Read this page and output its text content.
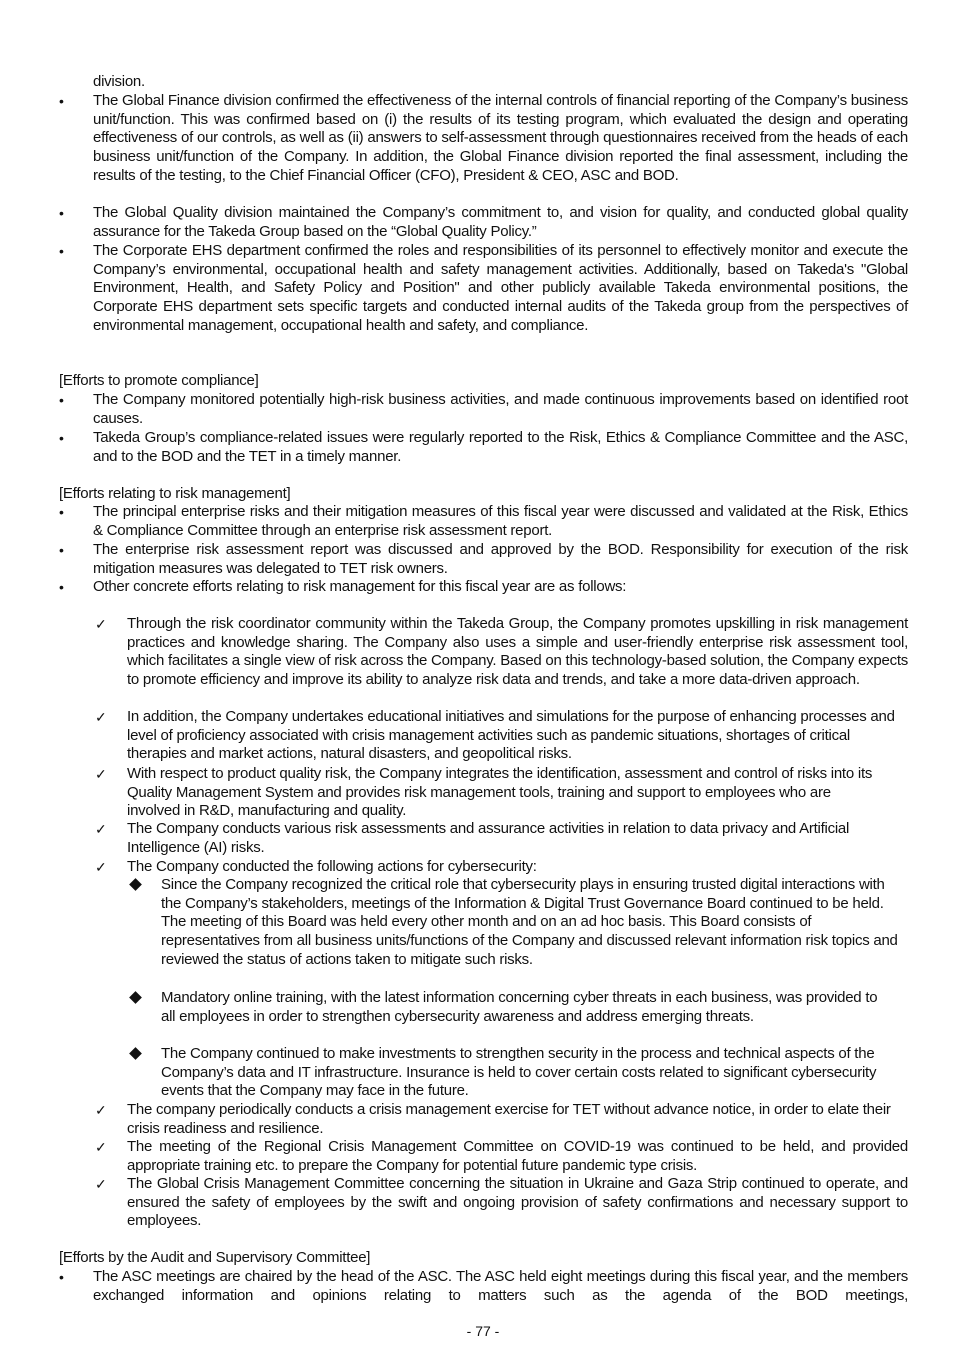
division.
• The Global Finance division confirmed the effectiveness of the internal controls of financial reporting of the Company’s business unit/function. This was confirmed based on (i) the results of its testing program, which evaluated the design and operating effectiveness of our controls, as well as (ii) answers to self-assessment through questionnaires received from the heads of each business unit/function of the Company. In addition, the Global Finance division reported the final assessment, including the results of the testing, to the Chief Financial Officer (CFO), President & CEO, ASC and BOD.
• The Global Quality division maintained the Company’s commitment to, and vision for quality, and conducted global quality assurance for the Takeda Group based on the “Global Quality Policy.”
• The Corporate EHS department confirmed the roles and responsibilities of its personnel to effectively monitor and execute the Company’s environmental, occupational health and safety management activities. Additionally, based on Takeda's "Global Environment, Health, and Safety Policy and Position" and other publicly available Takeda environmental positions, the Corporate EHS department sets specific targets and conducted internal audits of the Takeda group from the perspectives of environmental management, occupational health and safety, and compliance.
[Efforts to promote compliance]
• The Company monitored potentially high-risk business activities, and made continuous improvements based on identified root causes.
• Takeda Group’s compliance-related issues were regularly reported to the Risk, Ethics & Compliance Committee and the ASC, and to the BOD and the TET in a timely manner.
[Efforts relating to risk management]
• The principal enterprise risks and their mitigation measures of this fiscal year were discussed and validated at the Risk, Ethics & Compliance Committee through an enterprise risk assessment report.
• The enterprise risk assessment report was discussed and approved by the BOD. Responsibility for execution of the risk mitigation measures was delegated to TET risk owners.
• Other concrete efforts relating to risk management for this fiscal year are as follows:
✓ Through the risk coordinator community within the Takeda Group, the Company promotes upskilling in risk management practices and knowledge sharing. The Company also uses a simple and user-friendly enterprise risk assessment tool, which facilitates a single view of risk across the Company. Based on this technology-based solution, the Company expects to promote efficiency and improve its ability to analyze risk data and trends, and take a more data-driven approach.
✓ In addition, the Company undertakes educational initiatives and simulations for the purpose of enhancing processes and level of proficiency associated with crisis management activities such as pandemic situations, shortages of critical therapies and market actions, natural disasters, and geopolitical risks.
✓ With respect to product quality risk, the Company integrates the identification, assessment and control of risks into its Quality Management System and provides risk management tools, training and support to employees who are involved in R&D, manufacturing and quality.
✓ The Company conducts various risk assessments and assurance activities in relation to data privacy and Artificial Intelligence (AI) risks.
✓ The Company conducted the following actions for cybersecurity:
Since the Company recognized the critical role that cybersecurity plays in ensuring trusted digital interactions with the Company’s stakeholders, meetings of the Information & Digital Trust Governance Board continued to be held. The meeting of this Board was held every other month and on an ad hoc basis. This Board consists of representatives from all business units/functions of the Company and discussed relevant information risk topics and reviewed the status of actions taken to mitigate such risks.
Mandatory online training, with the latest information concerning cyber threats in each business, was provided to all employees in order to strengthen cybersecurity awareness and address emerging threats.
The Company continued to make investments to strengthen security in the process and technical aspects of the Company’s data and IT infrastructure. Insurance is held to cover certain costs related to significant cybersecurity events that the Company may face in the future.
✓ The company periodically conducts a crisis management exercise for TET without advance notice, in order to elate their crisis readiness and resilience.
✓ The meeting of the Regional Crisis Management Committee on COVID-19 was continued to be held, and provided appropriate training etc. to prepare the Company for potential future pandemic type crisis.
✓ The Global Crisis Management Committee concerning the situation in Ukraine and Gaza Strip continued to operate, and ensured the safety of employees by the swift and ongoing provision of safety confirmations and necessary support to employees.
[Efforts by the Audit and Supervisory Committee]
• The ASC meetings are chaired by the head of the ASC. The ASC held eight meetings during this fiscal year, and the members exchanged information and opinions relating to matters such as the agenda of the BOD meetings,
- 77 -
